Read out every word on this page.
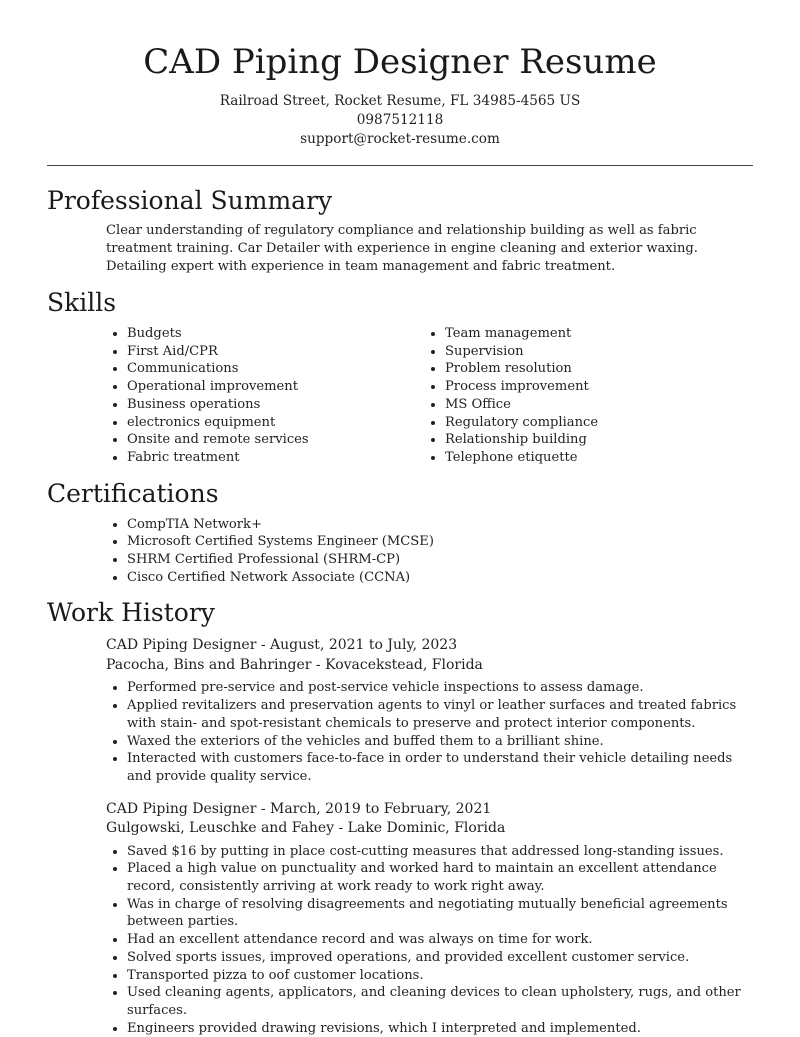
CAD Piping Designer Resume
Railroad Street, Rocket Resume, FL 34985-4565 US
0987512118
support@rocket-resume.com
Professional Summary

Clear understanding of regulatory compliance and relationship building as well as fabric treatment training. Car Detailer with experience in engine cleaning and exterior waxing. Detailing expert with experience in team management and fabric treatment.

Skills
• Budgets
• First Aid/CPR
• Communications
• Operational improvement
• Business operations
• electronics equipment
• Onsite and remote services
• Fabric treatment
• Team management
• Supervision
• Problem resolution
• Process improvement
• MS Office
• Regulatory compliance
• Relationship building
• Telephone etiquette
Certifications
• CompTIA Network+
• Microsoft Certified Systems Engineer (MCSE)
• SHRM Certified Professional (SHRM-CP)
• Cisco Certified Network Associate (CCNA)
Work History
CAD Piping Designer - August, 2021 to July, 2023
Pacocha, Bins and Bahringer - Kovacekstead, Florida
• Performed pre-service and post-service vehicle inspections to assess damage.
• Applied revitalizers and preservation agents to vinyl or leather surfaces and treated fabrics with stain- and spot-resistant chemicals to preserve and protect interior components.
• Waxed the exteriors of the vehicles and buffed them to a brilliant shine.
• Interacted with customers face-to-face in order to understand their vehicle detailing needs and provide quality service.
CAD Piping Designer - March, 2019 to February, 2021
Gulgowski, Leuschke and Fahey - Lake Dominic, Florida
• Saved $16 by putting in place cost-cutting measures that addressed long-standing issues.
• Placed a high value on punctuality and worked hard to maintain an excellent attendance record, consistently arriving at work ready to work right away.
• Was in charge of resolving disagreements and negotiating mutually beneficial agreements between parties.
• Had an excellent attendance record and was always on time for work.
• Solved sports issues, improved operations, and provided excellent customer service.
• Transported pizza to oof customer locations.
• Used cleaning agents, applicators, and cleaning devices to clean upholstery, rugs, and other surfaces.
• Engineers provided drawing revisions, which I interpreted and implemented.
